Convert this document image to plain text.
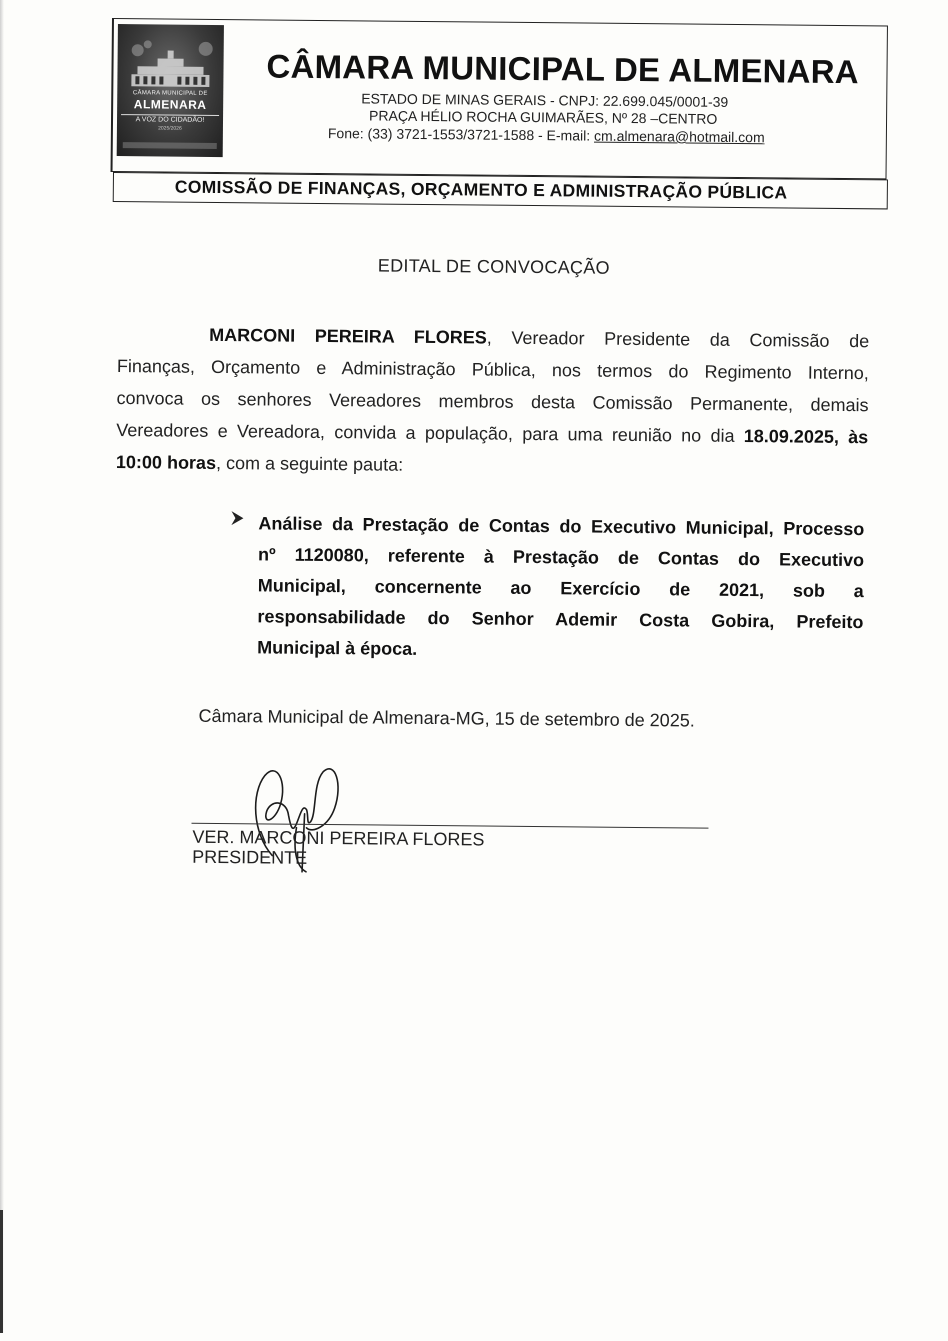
CÂMARA MUNICIPAL DE
ALMENARA
A VOZ DO CIDADÃO!
2025/2026
CÂMARA MUNICIPAL DE ALMENARA
ESTADO DE MINAS GERAIS - CNPJ: 22.699.045/0001-39
PRAÇA HÉLIO ROCHA GUIMARÃES, Nº 28 –CENTRO
Fone: (33) 3721-1553/3721-1588 - E-mail: cm.almenara@hotmail.com
COMISSÃO DE FINANÇAS, ORÇAMENTO E ADMINISTRAÇÃO PÚBLICA
EDITAL DE CONVOCAÇÃO
MARCONI PEREIRA FLORES, Vereador Presidente da Comissão de
Finanças, Orçamento e Administração Pública, nos termos do Regimento Interno,
convoca os senhores Vereadores membros desta Comissão Permanente, demais
Vereadores e Vereadora, convida a população, para uma reunião no dia 18.09.2025, às
10:00 horas, com a seguinte pauta:
Análise da Prestação de Contas do Executivo Municipal, Processo
nº 1120080, referente à Prestação de Contas do Executivo
Municipal, concernente ao Exercício de 2021, sob a
responsabilidade do Senhor Ademir Costa Gobira, Prefeito
Municipal à época.
Câmara Municipal de Almenara-MG, 15 de setembro de 2025.
VER. MARCONI PEREIRA FLORES
PRESIDENTE
